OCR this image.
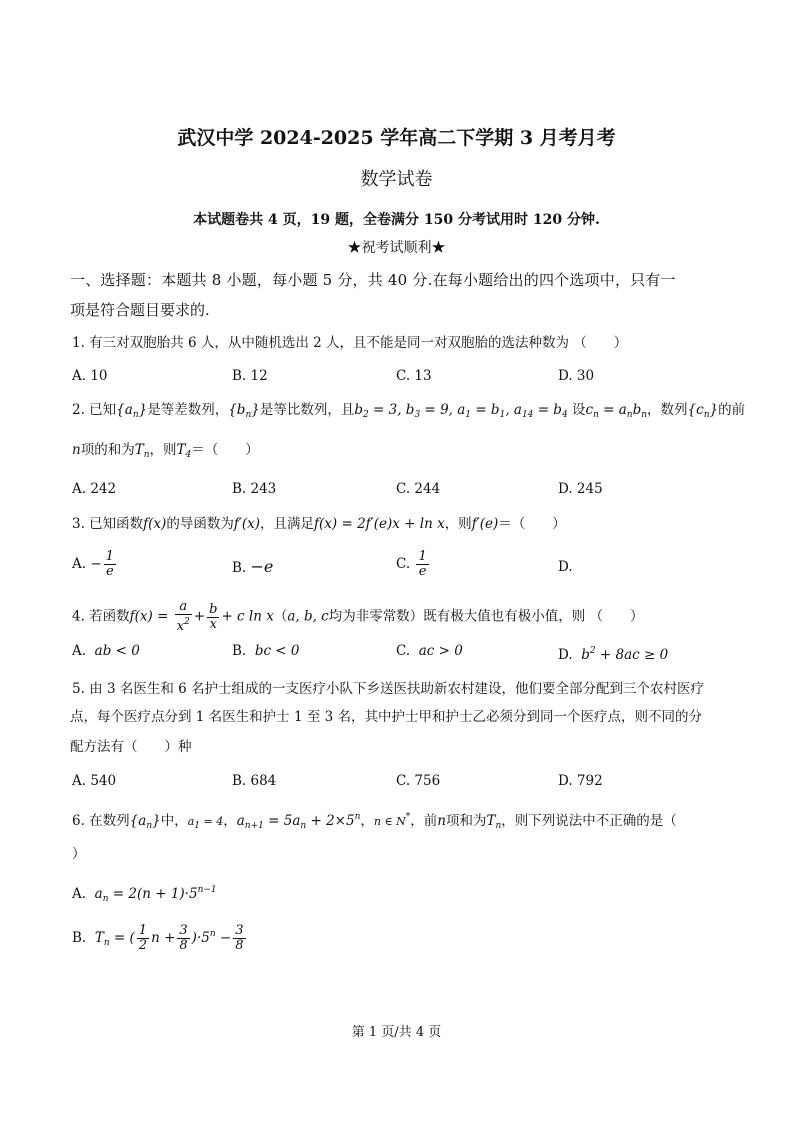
武汉中学 2024-2025 学年高二下学期 3 月考月考
数学试卷
本试题卷共 4 页，19 题，全卷满分 150 分考试用时 120 分钟.
★祝考试顺利★
一、选择题：本题共 8 小题，每小题 5 分，共 40 分.在每小题给出的四个选项中，只有一
项是符合题目要求的.
1. 有三对双胞胎共 6 人，从中随机选出 2 人，且不能是同一对双胞胎的选法种数为 （　　）
A. 10	B. 12	C. 13	D. 30
2. 已知$\{a_n\}$是等差数列，$\{b_n\}$是等比数列，且$b_2 = 3$, $b_3 = 9$, $a_1 = b_1$, $a_{14} = b_4$ 设$c_n = a_nb_n$，数列$\{c_n\}$的前
n项的和为$T_n$，则$T_4=$（　　）
A. 242	B. 243	C. 244	D. 245
3. 已知函数f(x)的导函数为f′(x)，且满足f(x) = 2f′(e)x + ln x，则f′(e)＝（　　）
A. − $\frac{1}{e}$	B. −e	C. $\frac{1}{e}$	D.
4. 若函数$f(x) = \frac{a}{x^2} + \frac{b}{x} + c$ ln x（a, b, c均为非零常数）既有极大值也有极小值，则 （　　）
A. ab < 0	B. bc < 0	C. ac > 0	D. $b^2 + 8ac \ge 0$
5. 由 3 名医生和 6 名护士组成的一支医疗小队下乡送医扶助新农村建设，他们要全部分配到三个农村医疗
点，每个医疗点分到 1 名医生和护士 1 至 3 名，其中护士甲和护士乙必须分到同一个医疗点，则不同的分
配方法有（　　）种
A. 540	B. 684	C. 756	D. 792
6. 在数列$\{a_n\}$中，$a_1 = 4$，$a_{n+1} = 5a_n + 2\times 5^n$，n ∈ N*，前n项和为$T_n$，则下列说法中不正确的是（
）
A. $a_n = 2(n + 1)\cdot 5^{n-1}$
B. $T_n$ = ( $\frac{1}{2}$ $n + \frac{3}{8} )\cdot 5^n - \frac{3}{8}$
第 1 页/共 4 页
